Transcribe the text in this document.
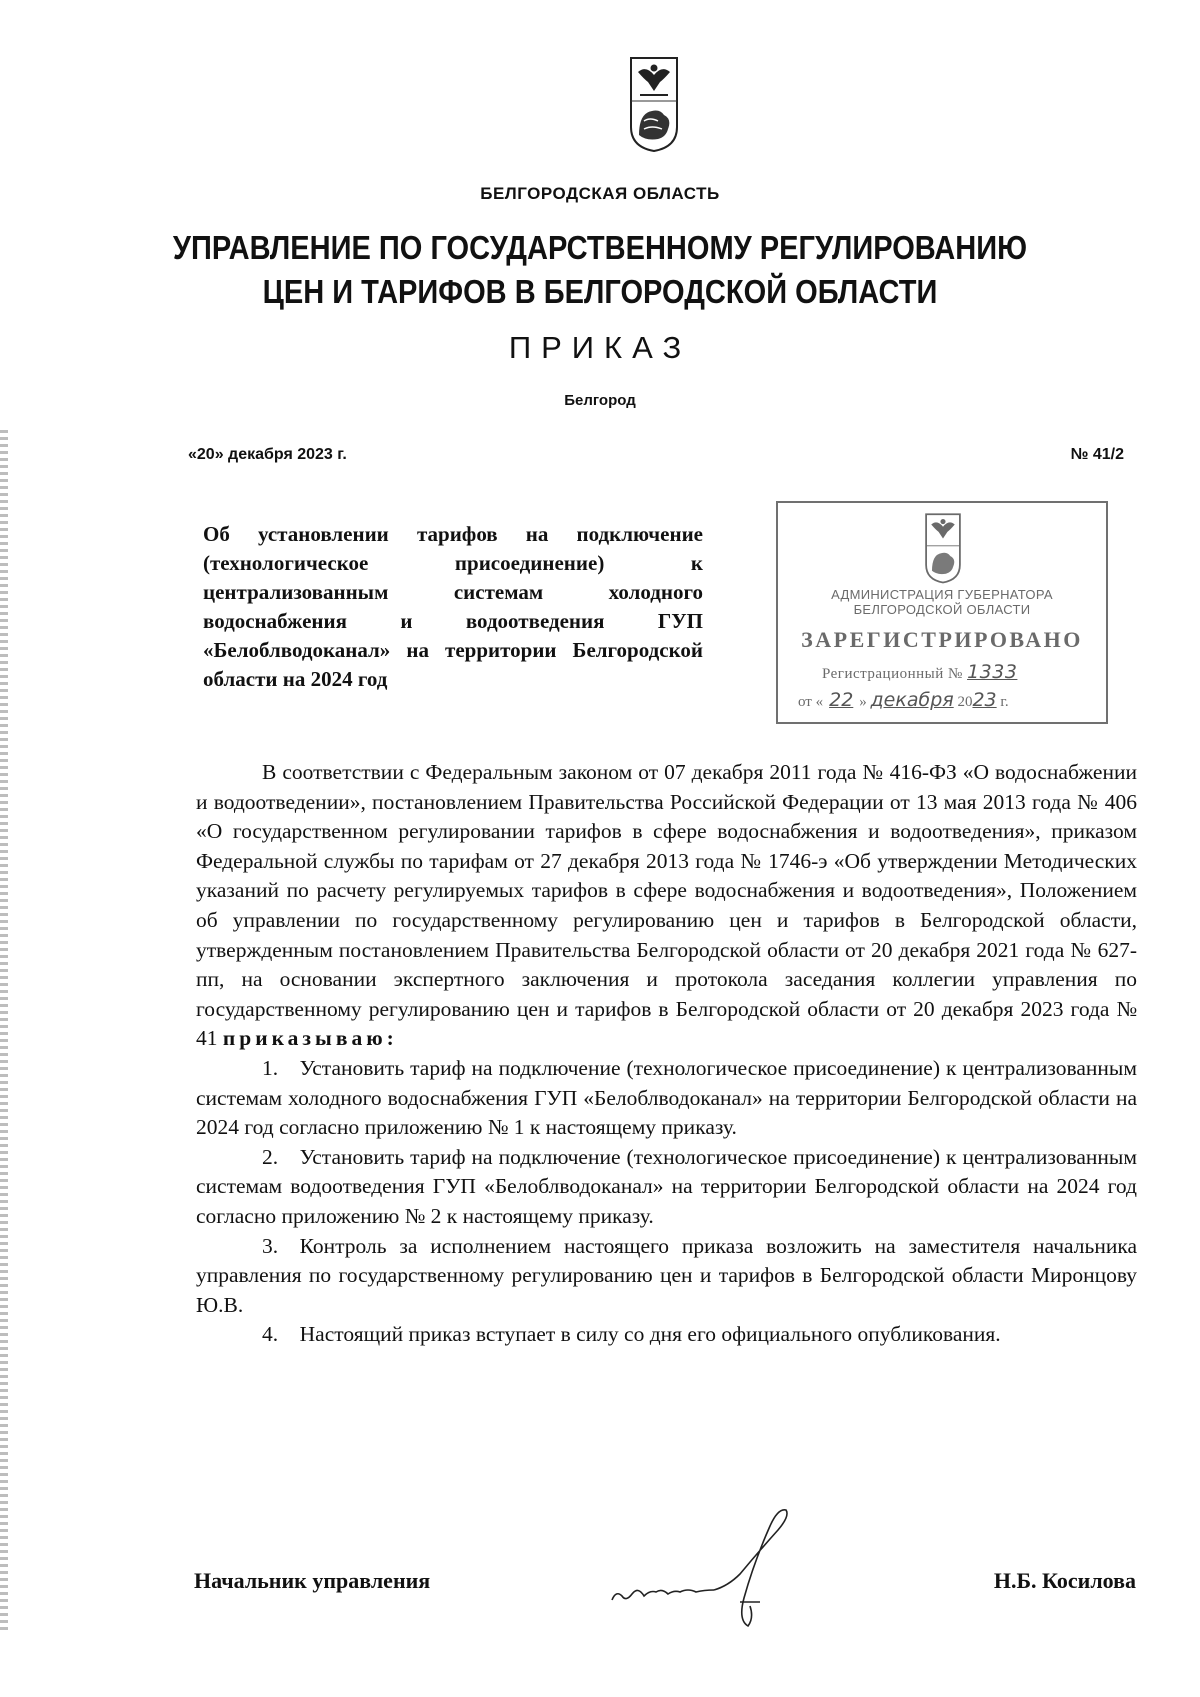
БЕЛГОРОДСКАЯ ОБЛАСТЬ
УПРАВЛЕНИЕ ПО ГОСУДАРСТВЕННОМУ РЕГУЛИРОВАНИЮ
ЦЕН И ТАРИФОВ В БЕЛГОРОДСКОЙ ОБЛАСТИ
ПРИКАЗ
Белгород
«20» декабря 2023 г.	№ 41/2
Об установлении тарифов на подключение (технологическое присоединение) к централизованным системам холодного водоснабжения и водоотведения ГУП «Белоблводоканал» на территории Белгородской области на 2024 год
АДМИНИСТРАЦИЯ ГУБЕРНАТОРА
БЕЛГОРОДСКОЙ ОБЛАСТИ
ЗАРЕГИСТРИРОВАНО
Регистрационный № 1333
от « 22 » декабря 2023 г.

В соответствии с Федеральным законом от 07 декабря 2011 года № 416-ФЗ «О водоснабжении и водоотведении», постановлением Правительства Российской Федерации от 13 мая 2013 года № 406 «О государственном регулировании тарифов в сфере водоснабжения и водоотведения», приказом Федеральной службы по тарифам от 27 декабря 2013 года № 1746-э «Об утверждении Методических указаний по расчету регулируемых тарифов в сфере водоснабжения и водоотведения», Положением об управлении по государственному регулированию цен и тарифов в Белгородской области, утвержденным постановлением Правительства Белгородской области от 20 декабря 2021 года № 627-пп, на основании экспертного заключения и протокола заседания коллегии управления по государственному регулированию цен и тарифов в Белгородской области от 20 декабря 2023 года № 41 приказываю:

1. Установить тариф на подключение (технологическое присоединение) к централизованным системам холодного водоснабжения ГУП «Белоблводоканал» на территории Белгородской области на 2024 год согласно приложению № 1 к настоящему приказу.

2. Установить тариф на подключение (технологическое присоединение) к централизованным системам водоотведения ГУП «Белоблводоканал» на территории Белгородской области на 2024 год согласно приложению № 2 к настоящему приказу.

3. Контроль за исполнением настоящего приказа возложить на заместителя начальника управления по государственному регулированию цен и тарифов в Белгородской области Миронцову Ю.В.

4. Настоящий приказ вступает в силу со дня его официального опубликования.

Начальник управления	Н.Б. Косилова
